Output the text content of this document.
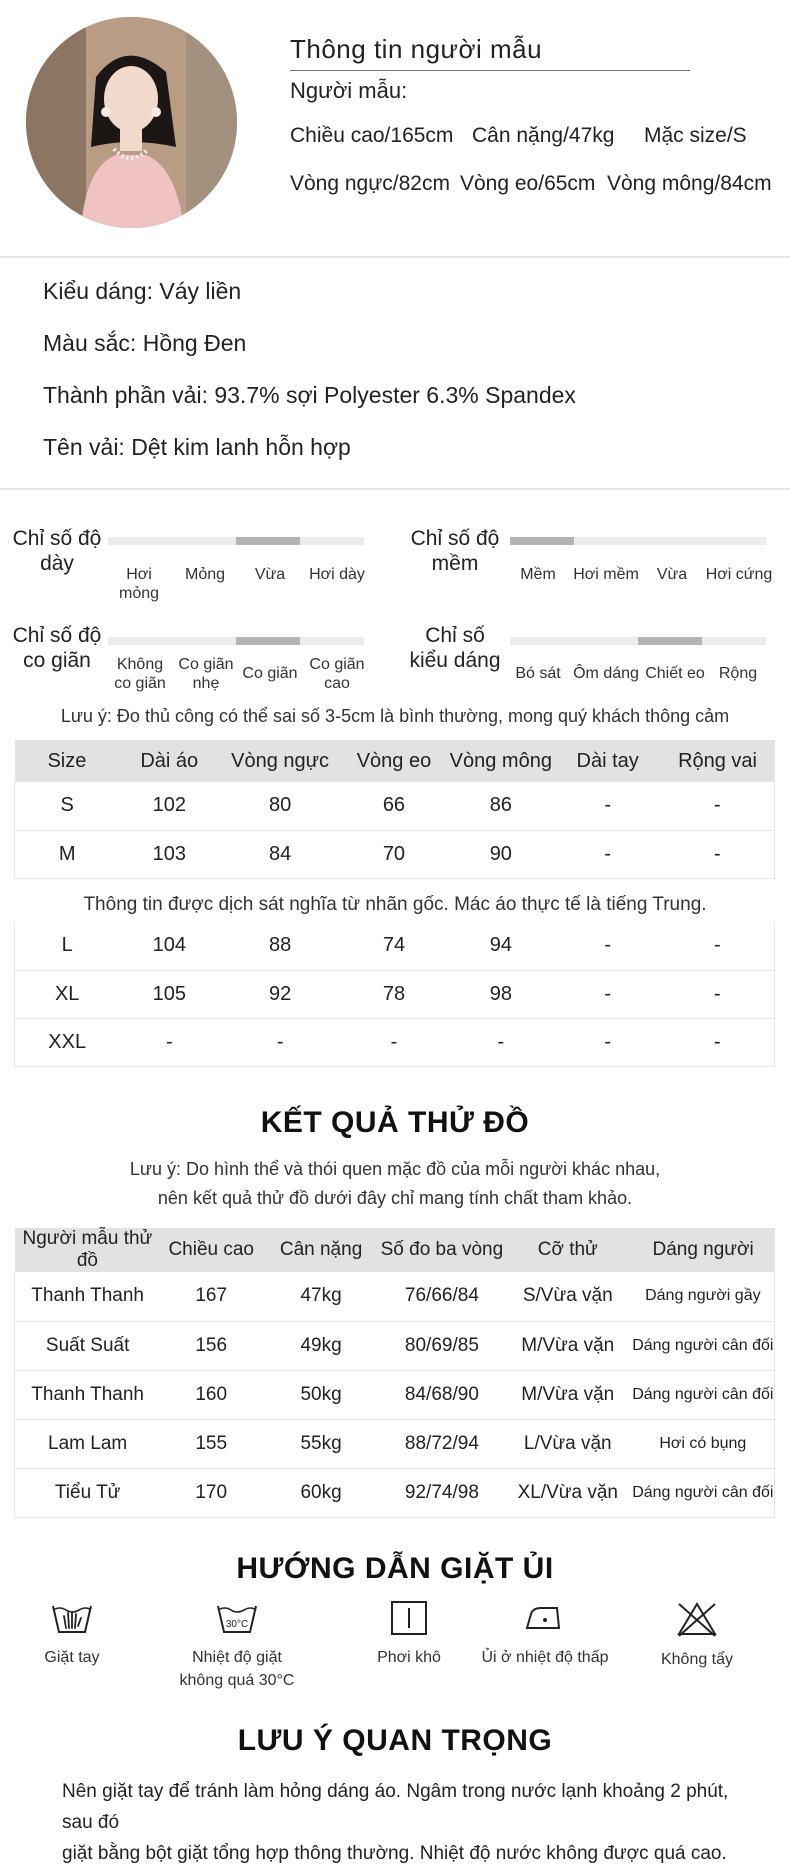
Thông tin người mẫu
Người mẫu:
Chiều cao/165cm Cân nặng/47kg	Mặc size/S
Vòng ngực/82cm Vòng eo/65cm Vòng mông/84cm
Kiểu dáng: Váy liền
Màu sắc: Hồng Đen
Thành phần vải: 93.7% sợi Polyester 6.3% Spandex
Tên vải: Dệt kim lanh hỗn hợp
Chỉ số độ
dày	Hơi mỏng
Mỏng	Vừa	Hơi dày
Chỉ số độ
mềm	Mềm	Hơi mềm	Vừa	Hơi cứng
Chỉ số độ
co giãn	Không
co giãn
Co giãn
nhẹ
Co giãn
Co giãn
cao
Chỉ số
kiểu dáng
Bó sát Ôm dáng Chiết eo Rộng
Lưu ý: Đo thủ công có thể sai số 3-5cm là bình thường, mong quý khách thông cảm
Size	Dài áo	Vòng ngực	Vòng eo	Vòng mông	Dài tay	Rộng vai
S	102	80	66	86	-	-
M	103	84	70	90	-	-
Thông tin được dịch sát nghĩa từ nhãn gốc. Mác áo thực tế là tiếng Trung.
L	104	88	74	94	-	-
XL	105	92	78	98	-	-
XXL	-	-	-	-	-	-
KẾT QUẢ THỬ ĐỒ
Lưu ý: Do hình thể và thói quen mặc đồ của mỗi người khác nhau,
nên kết quả thử đồ dưới đây chỉ mang tính chất tham khảo.
Người mẫu thử đồ	Chiều cao	Cân nặng	Số đo ba vòng	Cỡ thử	Dáng người
Thanh Thanh	167	47kg	76/66/84	S/Vừa vặn	Dáng người gầy
Suất Suất	156	49kg	80/69/85	M/Vừa vặn	Dáng người cân đối
Thanh Thanh	160	50kg	84/68/90	M/Vừa vặn	Dáng người cân đối
Lam Lam	155	55kg	88/72/94	L/Vừa vặn	Hơi có bụng
Tiểu Tử	170	60kg	92/74/98	XL/Vừa vặn	Dáng người cân đối
HƯỚNG DẪN GIẶT ỦI
Giặt tay
30°C
Nhiệt độ giặt
không quá 30°C
Phơi khô	Ủi ở nhiệt độ thấp	Không tẩy
LƯU Ý QUAN TRỌNG
Nên giặt tay để tránh làm hỏng dáng áo. Ngâm trong nước lạnh khoảng 2 phút, sau đó
giặt bằng bột giặt tổng hợp thông thường. Nhiệt độ nước không được quá cao.
